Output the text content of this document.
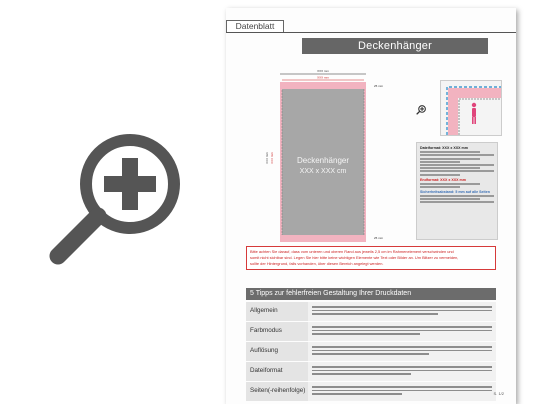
Datenblatt
Deckenhänger
XXX mm
XXX mm
Deckenhänger
XXX x XXX cm
XXX mm
XXX mm
25 mm
25 mm
Dateiformat: XXX x XXX mm
Endformat: XXX x XXX mm
Sicherheitsabstand: 5 mm auf alle Seiten
Bitte achten Sie darauf, dass vom unteren und oberen Rand aus jeweils 2,5 cm im Rahmenelement verschwinden und
somit nicht sichtbar sind. Legen Sie hier bitte keine wichtigen Elemente wie Text oder Bilder an. Um Blitzer zu vermeiden,
sollte der Hintergrund, falls vorhanden, über diesen Bereich angelegt werden.
5 Tipps zur fehlerfreien Gestaltung Ihrer Druckdaten
Allgemein
Farbmodus
Auflösung
Dateiformat
Seiten(-reihenfolge)	S. 1/2
